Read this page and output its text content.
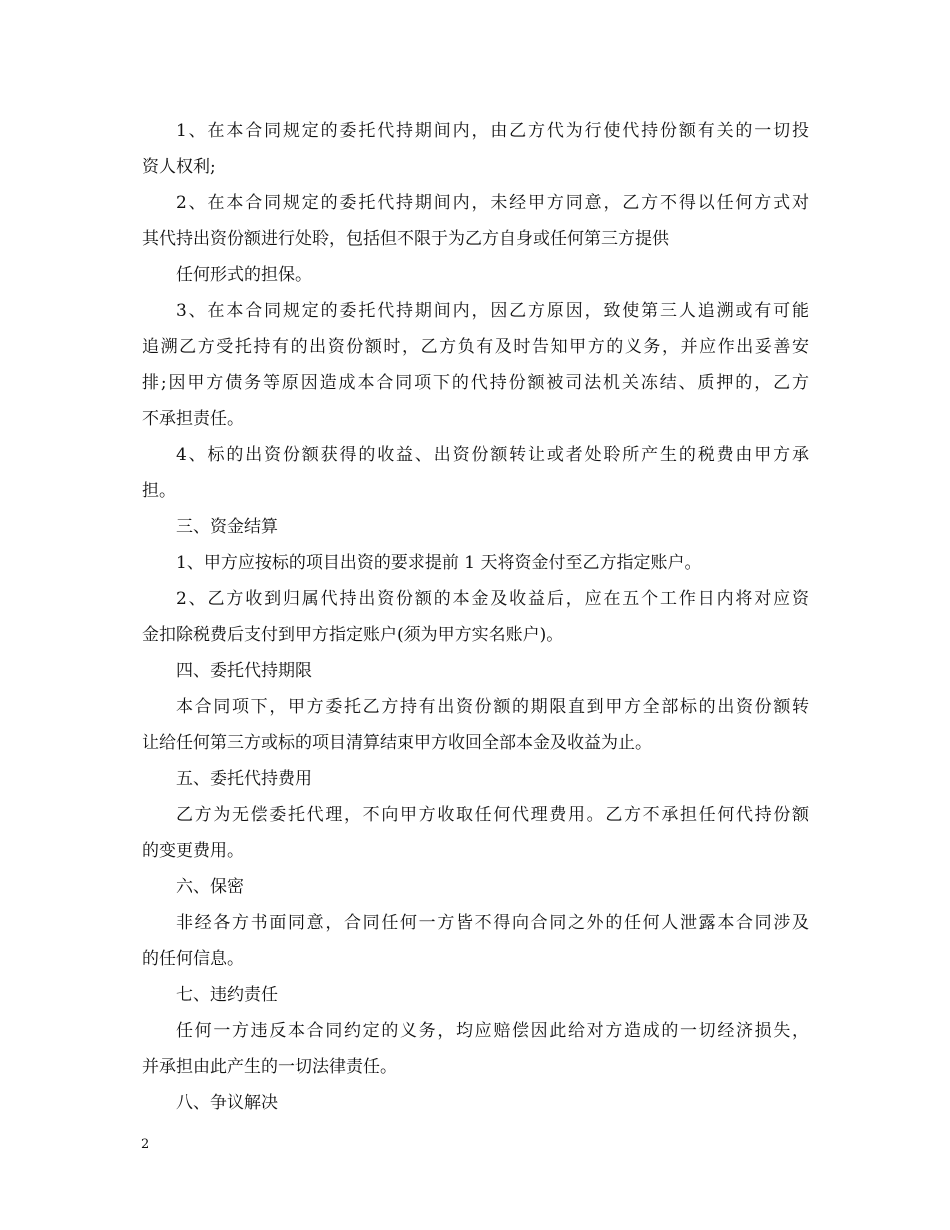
1、在本合同规定的委托代持期间内，由乙方代为行使代持份额有关的一切投
资人权利;
2、在本合同规定的委托代持期间内，未经甲方同意，乙方不得以任何方式对
其代持出资份额进行处聆，包括但不限于为乙方自身或任何第三方提供
任何形式的担保。
3、在本合同规定的委托代持期间内，因乙方原因，致使第三人追溯或有可能
追溯乙方受托持有的出资份额时，乙方负有及时告知甲方的义务，并应作出妥善安
排;因甲方债务等原因造成本合同项下的代持份额被司法机关冻结、质押的，乙方
不承担责任。
4、标的出资份额获得的收益、出资份额转让或者处聆所产生的税费由甲方承
担。
三、资金结算
1、甲方应按标的项目出资的要求提前 1 天将资金付至乙方指定账户。
2、乙方收到归属代持出资份额的本金及收益后，应在五个工作日内将对应资
金扣除税费后支付到甲方指定账户(须为甲方实名账户)。
四、委托代持期限
本合同项下，甲方委托乙方持有出资份额的期限直到甲方全部标的出资份额转
让给任何第三方或标的项目清算结束甲方收回全部本金及收益为止。
五、委托代持费用
乙方为无偿委托代理，不向甲方收取任何代理费用。乙方不承担任何代持份额
的变更费用。
六、保密
非经各方书面同意，合同任何一方皆不得向合同之外的任何人泄露本合同涉及
的任何信息。
七、违约责任
任何一方违反本合同约定的义务，均应赔偿因此给对方造成的一切经济损失，
并承担由此产生的一切法律责任。
八、争议解决
2
